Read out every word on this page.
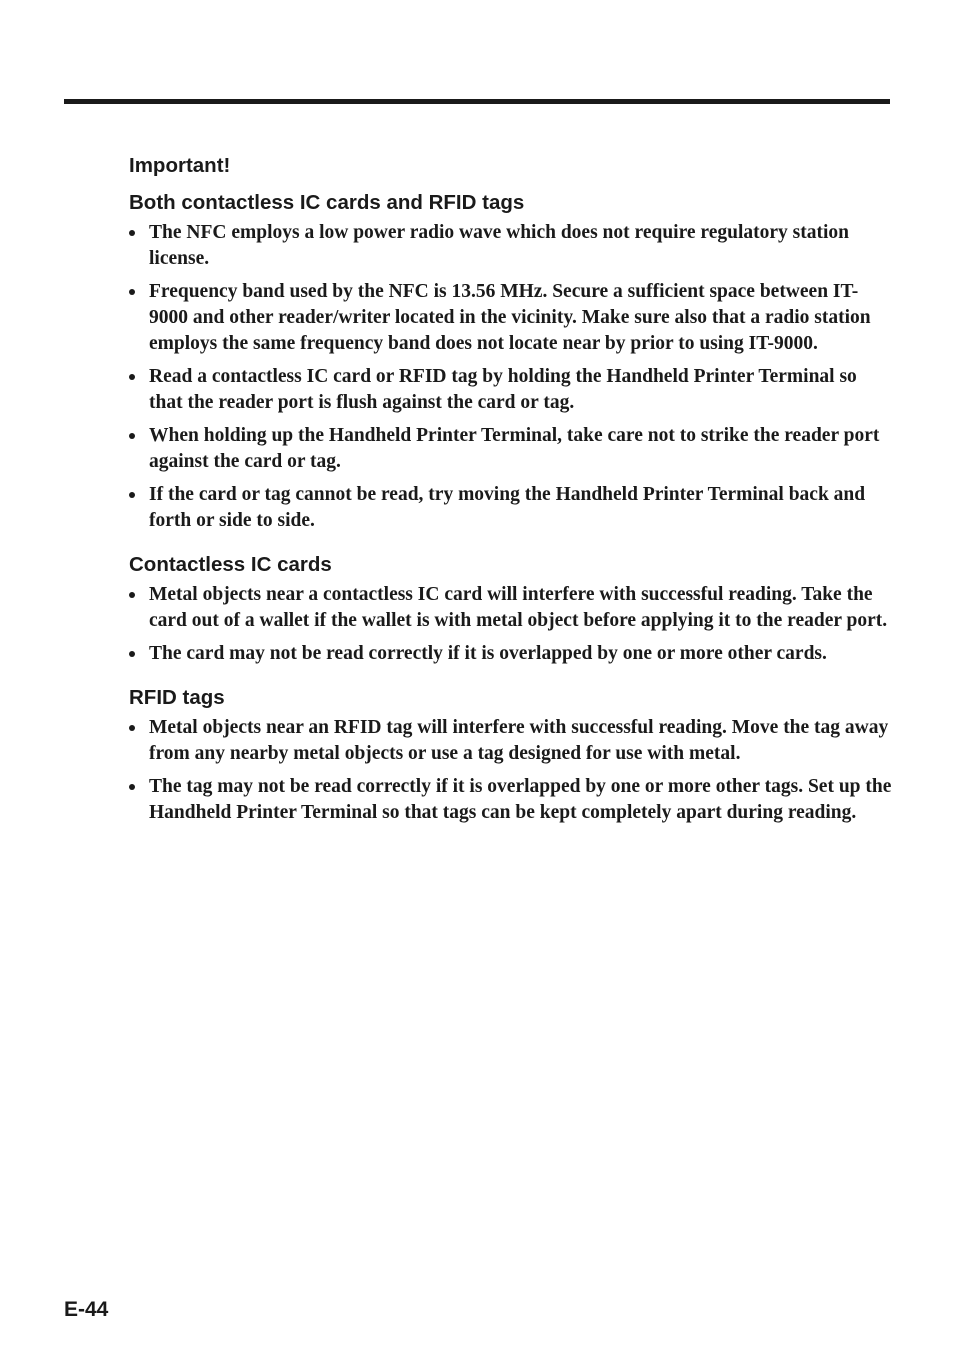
Important!
Both contactless IC cards and RFID tags
The NFC employs a low power radio wave which does not require regulatory station license.
Frequency band used by the NFC is 13.56 MHz. Secure a sufficient space between IT-9000 and other reader/writer located in the vicinity. Make sure also that a radio station employs the same frequency band does not locate near by prior to using IT-9000.
Read a contactless IC card or RFID tag by holding the Handheld Printer Terminal so that the reader port is flush against the card or tag.
When holding up the Handheld Printer Terminal, take care not to strike the reader port against the card or tag.
If the card or tag cannot be read, try moving the Handheld Printer Terminal back and forth or side to side.
Contactless IC cards
Metal objects near a contactless IC card will interfere with successful reading. Take the card out of a wallet if the wallet is with metal object before applying it to the reader port.
The card may not be read correctly if it is overlapped by one or more other cards.
RFID tags
Metal objects near an RFID tag will interfere with successful reading. Move the tag away from any nearby metal objects or use a tag designed for use with metal.
The tag may not be read correctly if it is overlapped by one or more other tags. Set up the Handheld Printer Terminal so that tags can be kept completely apart during reading.
E-44
